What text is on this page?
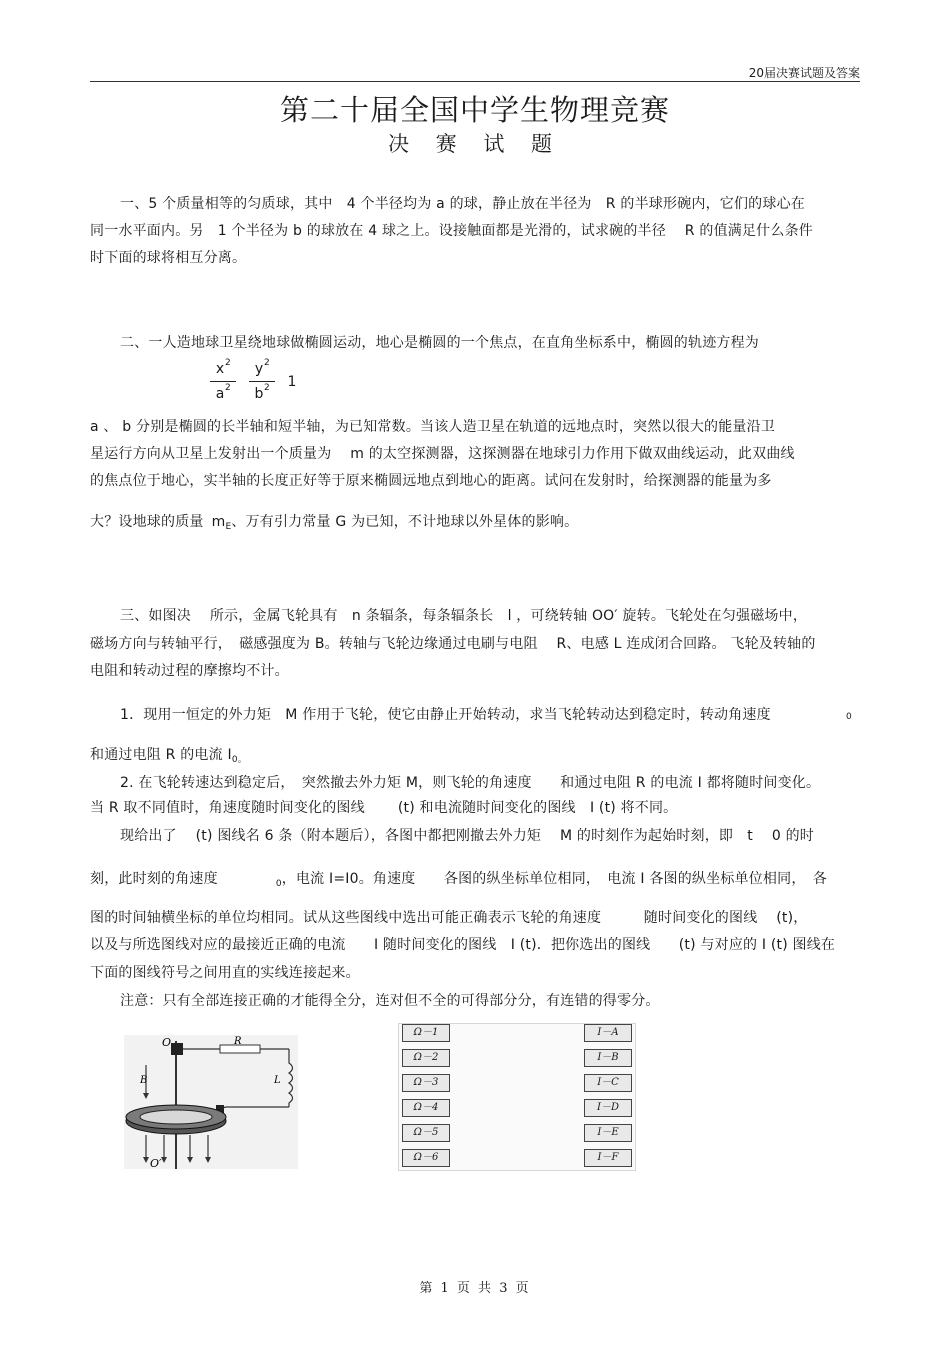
20届决赛试题及答案
第二十届全国中学生物理竞赛
决 赛 试 题
一、5 个质量相等的匀质球，其中　4 个半径均为 a 的球，静止放在半径为　R 的半球形碗内，它们的球心在
同一水平面内。另　1 个半径为 b 的球放在 4 球之上。设接触面都是光滑的，试求碗的半径　 R 的值满足什么条件
时下面的球将相互分离。
二、一人造地球卫星绕地球做椭圆运动，地心是椭圆的一个焦点，在直角坐标系中，椭圆的轨迹方程为
x 2
a 2
y 2
b 2 1
a 、 b 分别是椭圆的长半轴和短半轴，为已知常数。当该人造卫星在轨道的远地点时，突然以很大的能量沿卫
星运行方向从卫星上发射出一个质量为　 m 的太空探测器，这探测器在地球引力作用下做双曲线运动，此双曲线
的焦点位于地心，实半轴的长度正好等于原来椭圆远地点到地心的距离。试问在发射时，给探测器的能量为多
大？设地球的质量 $m_E$、万有引力常量 G 为已知，不计地球以外星体的影响。
三、如图决　 所示，金属飞轮具有　n 条辐条，每条辐条长　l ，可绕转轴 OO′ 旋转。飞轮处在匀强磁场中，
磁场方向与转轴平行，　磁感强度为 B。转轴与飞轮边缘通过电刷与电阻　 R、电感 L 连成闭合回路。 飞轮及转轴的
电阻和转动过程的摩擦均不计。
1．现用一恒定的外力矩　M 作用于飞轮，使它由静止开始转动，求当飞轮转动达到稳定时，转动角速度	0
和通过电阻 R 的电流 $I_{0。}$
2. 在飞轮转速达到稳定后，　突然撤去外力矩 M，则飞轮的角速度　　和通过电阻 R 的电流 I 都将随时间变化。
当 R 取不同值时，角速度随时间变化的图线　　 (t) 和电流随时间变化的图线　I (t) 将不同。
现给出了　 (t) 图线名 6 条（附本题后），各图中都把刚撤去外力矩　 M 的时刻作为起始时刻，即　t　 0 的时
刻，此时刻的角速度	$_0$，电流 I=I0。角速度　　各图的纵坐标单位相同，　电流 I 各图的纵坐标单位相同，　各
图的时间轴横坐标的单位均相同。试从这些图线中选出可能正确表示飞轮的角速度　　　随时间变化的图线　 (t)，
以及与所选图线对应的最接近正确的电流　　I 随时间变化的图线　I (t)．把你选出的图线　　(t) 与对应的 I (t) 图线在
下面的图线符号之间用直的实线连接起来。
注意：只有全部连接正确的才能得全分，连对但不全的可得部分分，有连错的得零分。
O
O′
B
R
L
Ω－1
Ω－2
Ω－3
Ω－4
Ω－5
Ω－6
I－A
I－B
I－C
I－D
I－E
I－F
第 1 页 共 3 页
